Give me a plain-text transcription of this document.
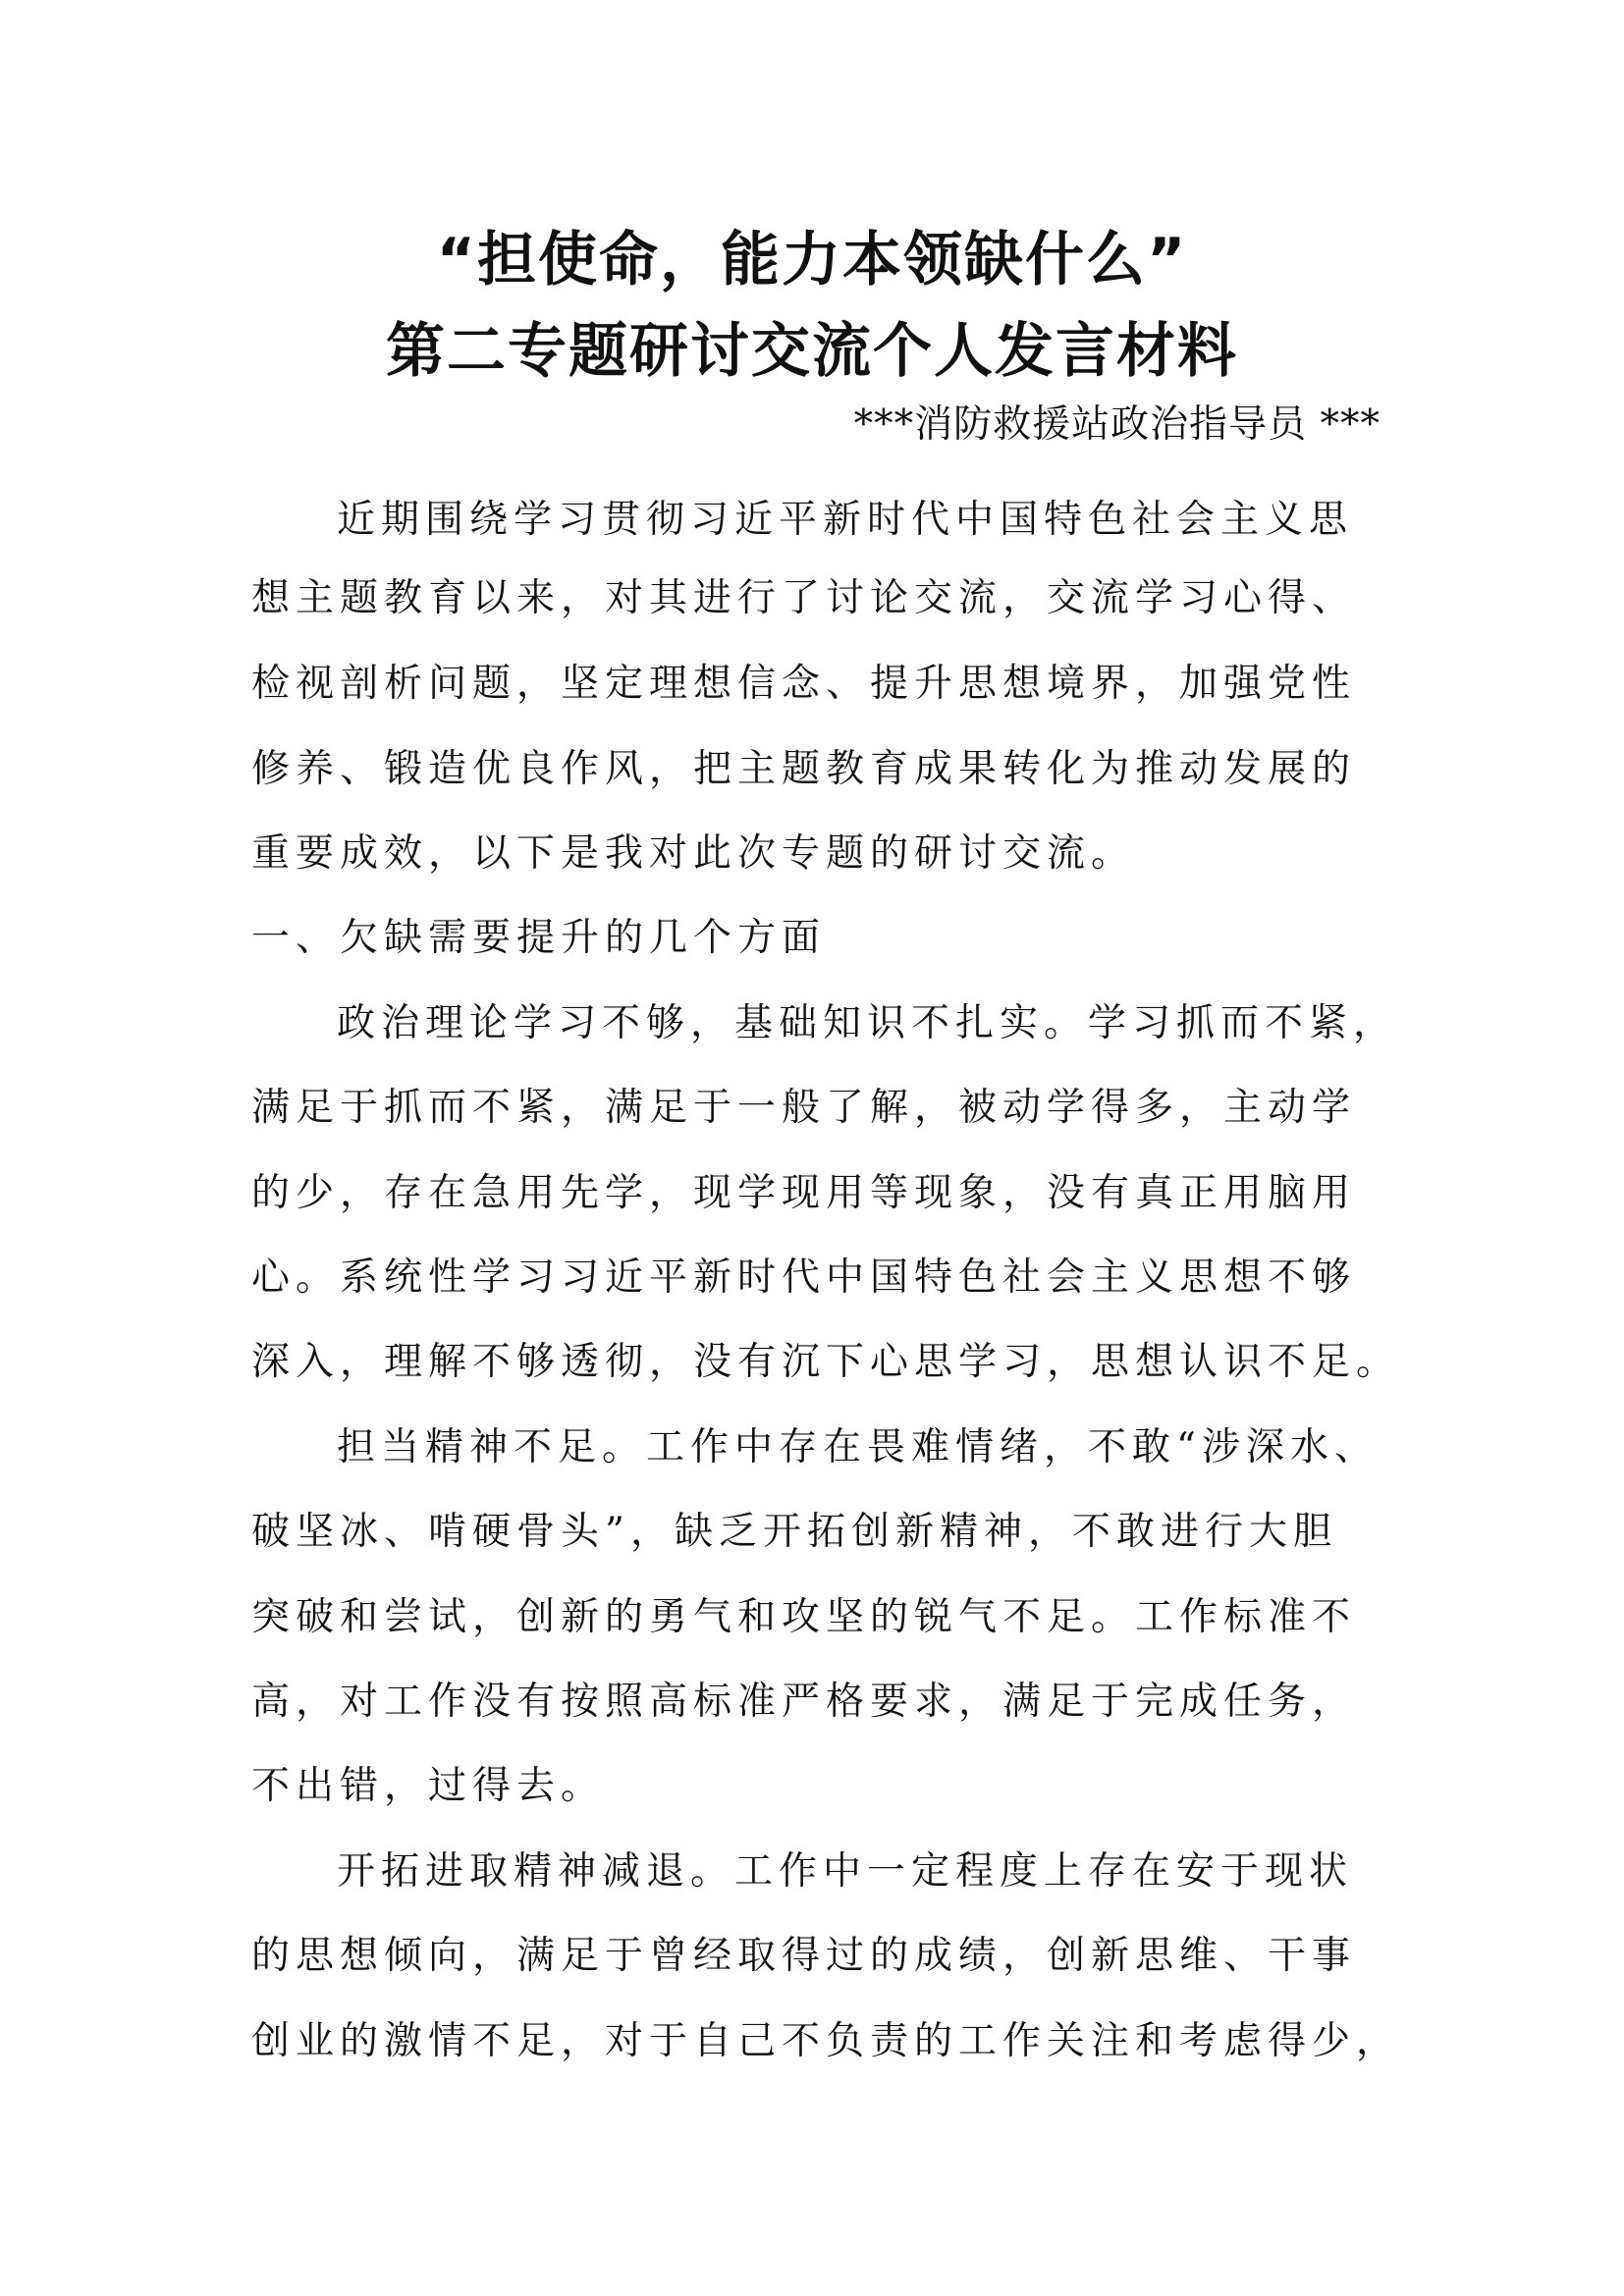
“担使命，能力本领缺什么”
第二专题研讨交流个人发言材料
***消防救援站政治指导员 ***
近期围绕学习贯彻习近平新时代中国特色社会主义思
想主题教育以来，对其进行了讨论交流，交流学习心得、
检视剖析问题，坚定理想信念、提升思想境界，加强党性
修养、锻造优良作风，把主题教育成果转化为推动发展的
重要成效，以下是我对此次专题的研讨交流。
一、欠缺需要提升的几个方面
政治理论学习不够，基础知识不扎实。学习抓而不紧，
满足于抓而不紧，满足于一般了解，被动学得多，主动学
的少，存在急用先学，现学现用等现象，没有真正用脑用
心。系统性学习习近平新时代中国特色社会主义思想不够
深入，理解不够透彻，没有沉下心思学习，思想认识不足。
担当精神不足。工作中存在畏难情绪，不敢“涉深水、
破坚冰、啃硬骨头”，缺乏开拓创新精神，不敢进行大胆
突破和尝试，创新的勇气和攻坚的锐气不足。工作标准不
高，对工作没有按照高标准严格要求，满足于完成任务，
不出错，过得去。
开拓进取精神减退。工作中一定程度上存在安于现状
的思想倾向，满足于曾经取得过的成绩，创新思维、干事
创业的激情不足，对于自己不负责的工作关注和考虑得少，
